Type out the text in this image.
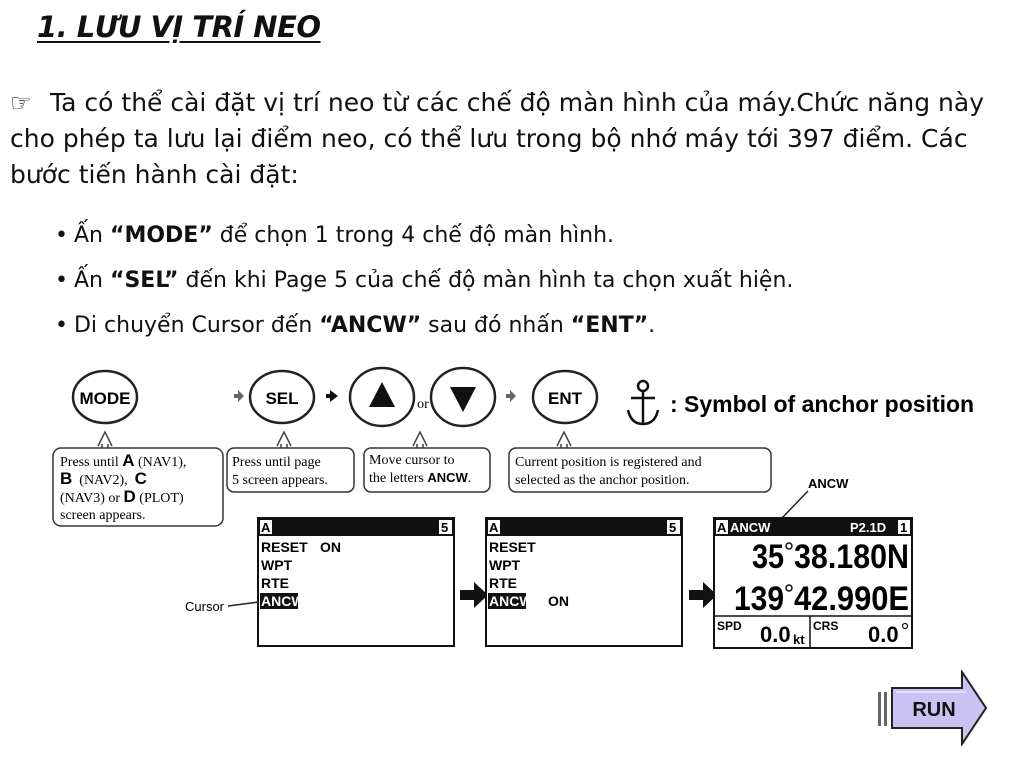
1. LƯU VỊ TRÍ NEO
☞ Ta có thể cài đặt vị trí neo từ các chế độ màn hình của máy.Chức năng này cho phép ta lưu lại điểm neo, có thể lưu trong bộ nhớ máy tới 397 điểm. Các bước tiến hành cài đặt:
• Ấn “MODE” để chọn 1 trong 4 chế độ màn hình.
• Ấn “SEL” đến khi Page 5 của chế độ màn hình ta chọn xuất hiện.
• Di chuyển Cursor đến “ANCW” sau đó nhấn “ENT”.
MODE	SEL	or	ENT	: Symbol of anchor position
Press until A (NAV1),
B  (NAV2),  C
(NAV3) or D (PLOT)
screen appears.
Press until page
5 screen appears.
Move cursor to
the letters ANCW.
Current position is registered and
selected as the anchor position.	ANCW
A	5
RESET ON
WPT
RTE
ANCW
Cursor
A	5
RESET
WPT
RTE
ANCW ON
A ANCW	P2.1D 1
35 38.180N
139 42.990E
SPD 0.0 kt
CRS 0.0
RUN
